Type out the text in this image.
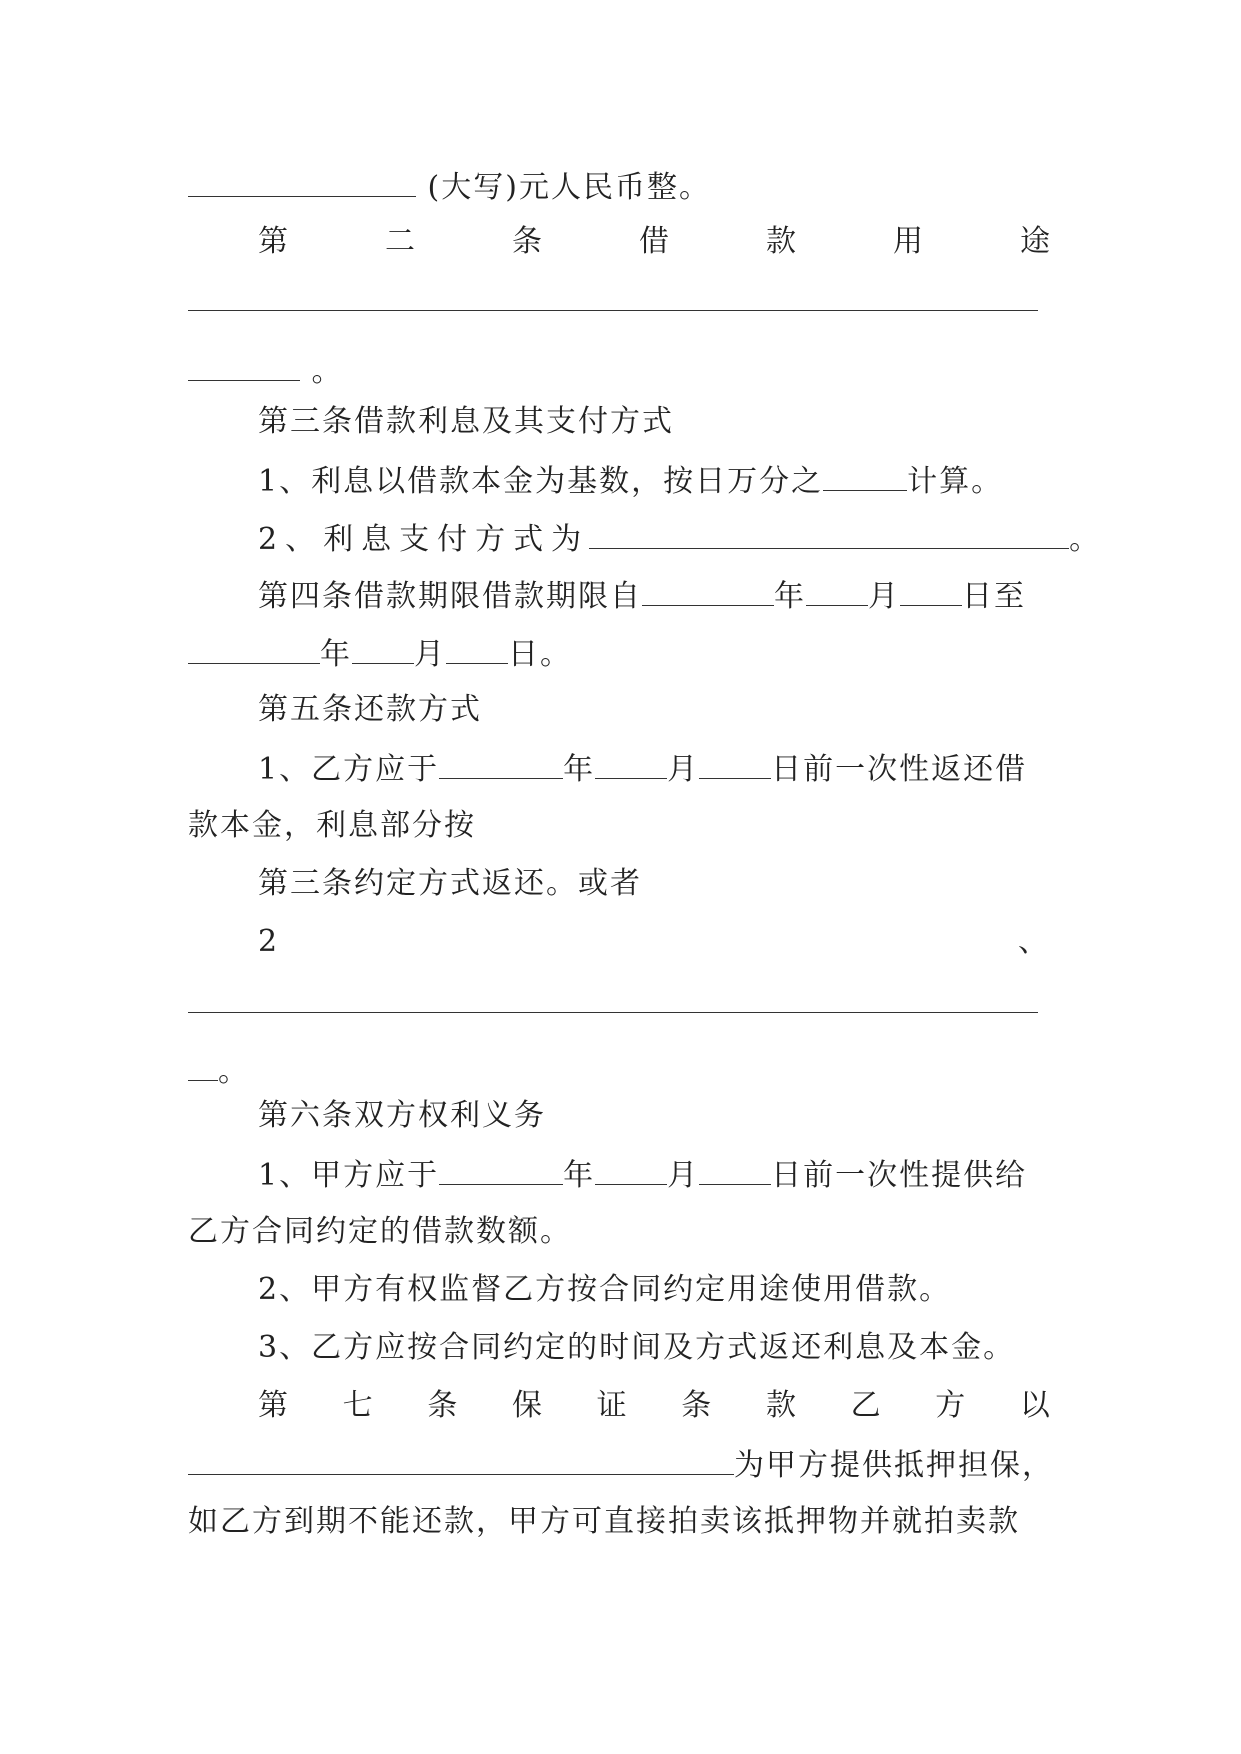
(大写)元人民币整。
第	二	条	借	款	用	途
。
第三条借款利息及其支付方式
1、利息以借款本金为基数，按日万分之	计算。
2、利息支付方式为	。
第四条借款期限借款期限自	年 月 日至
年 月 日。
第五条还款方式
1、乙方应于	年 月 日前一次性返还借
款本金，利息部分按
第三条约定方式返还。或者
2	、
。
第六条双方权利义务
1、甲方应于	年 月 日前一次性提供给
乙方合同约定的借款数额。
2、甲方有权监督乙方按合同约定用途使用借款。
3、乙方应按合同约定的时间及方式返还利息及本金。
第 七 条 保 证 条 款 乙 方 以
为甲方提供抵押担保，
如乙方到期不能还款，甲方可直接拍卖该抵押物并就拍卖款
